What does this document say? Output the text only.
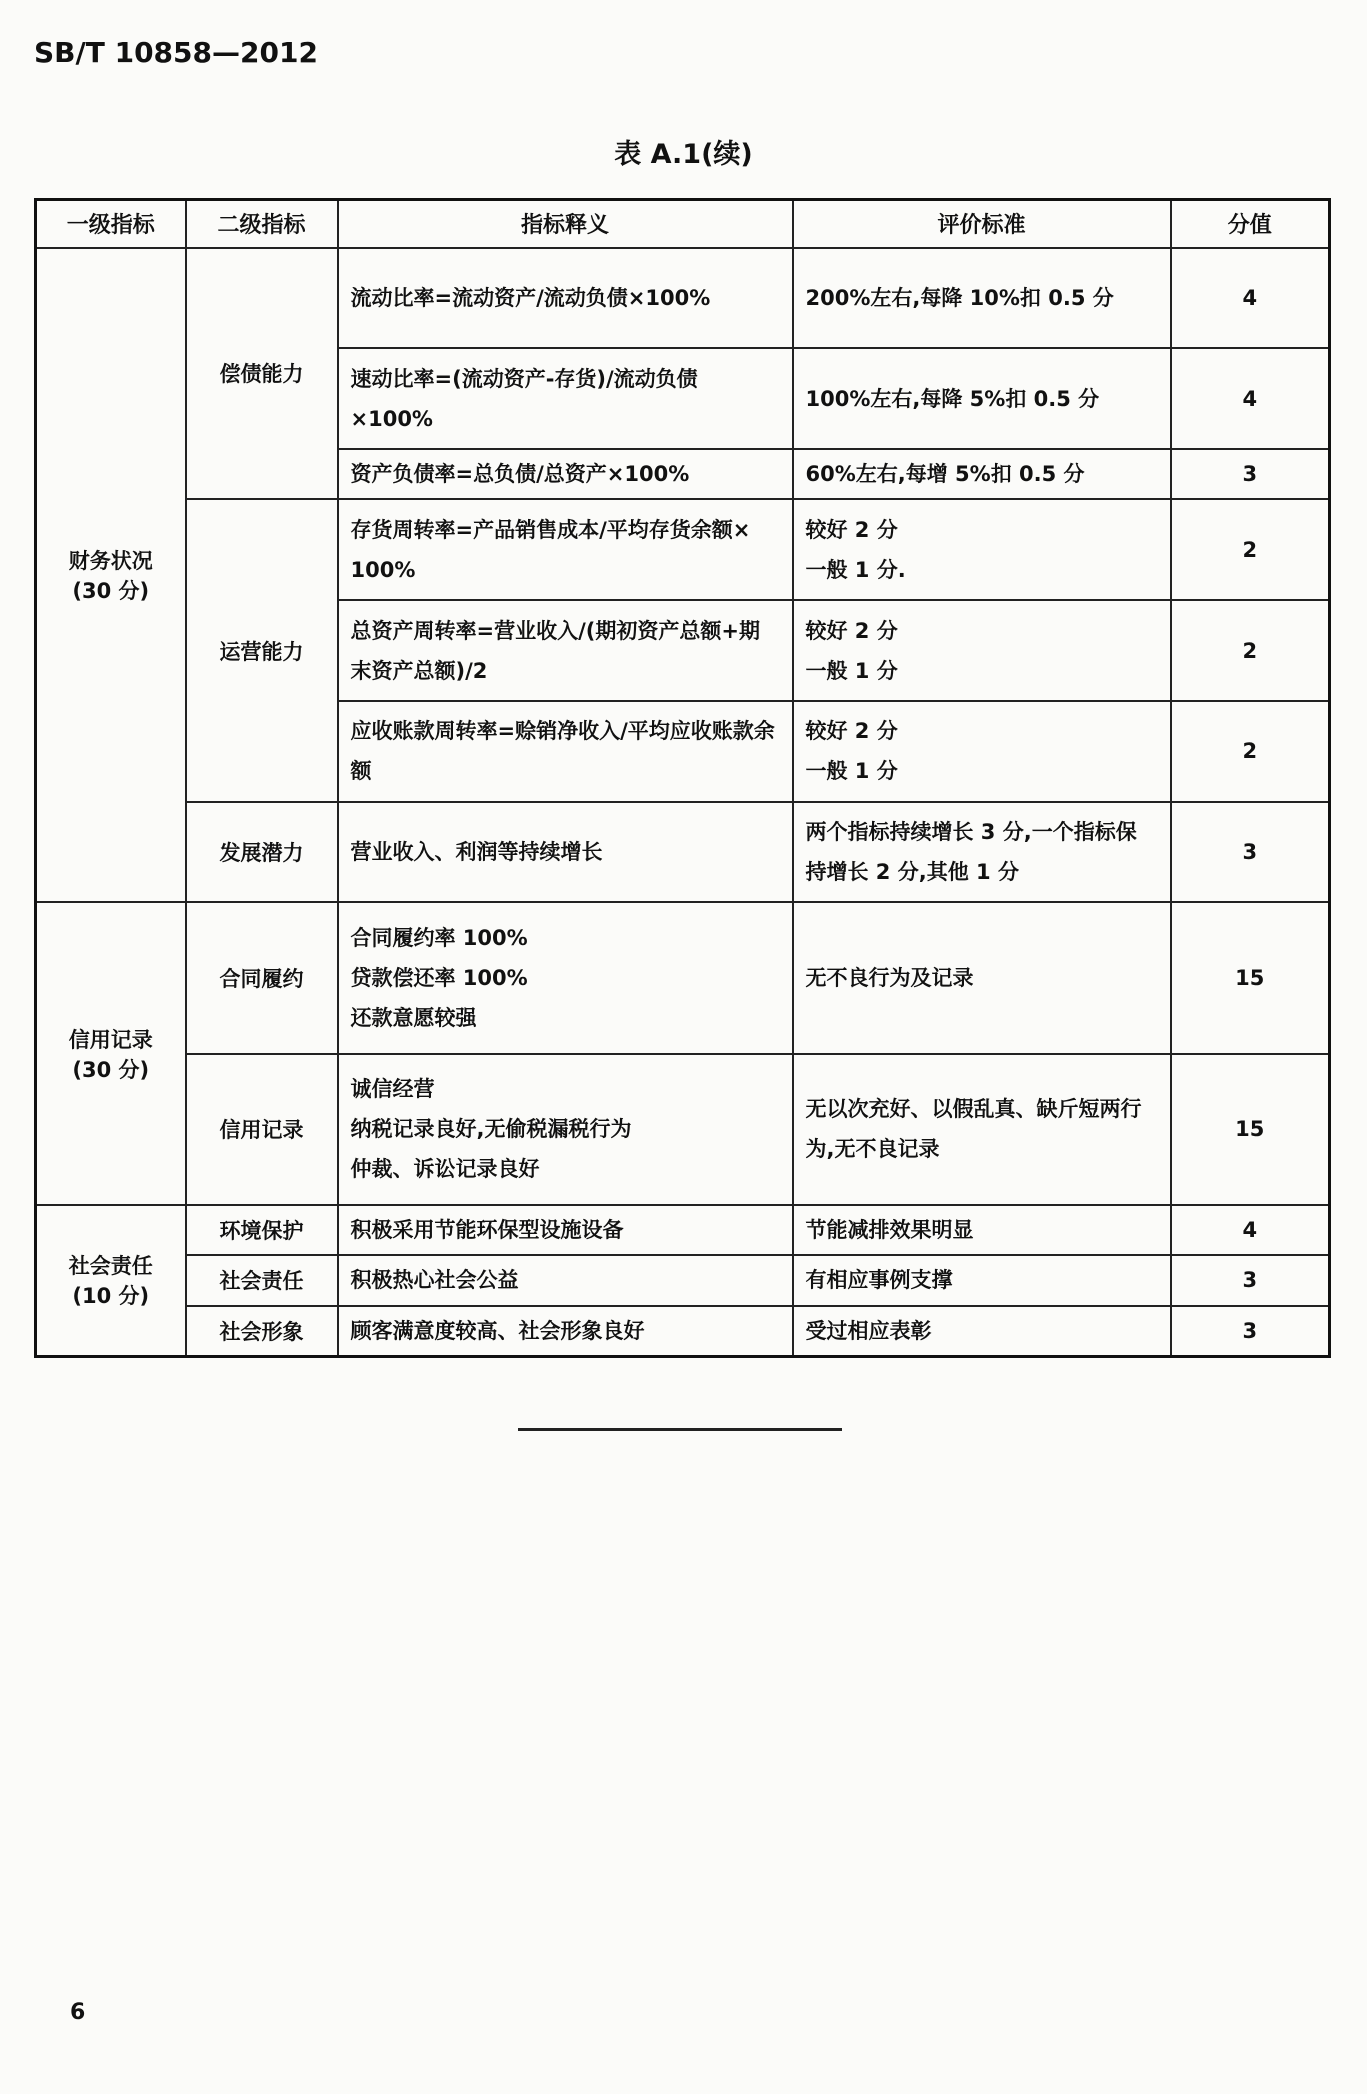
SB/T 10858—2012
表 A.1(续)
一级指标	二级指标	指标释义	评价标准	分值

财务状况
(30 分)	偿债能力	流动比率=流动资产/流动负债×100%	200%左右,每降 10%扣 0.5 分	4
		速动比率=(流动资产-存货)/流动负债×100%	100%左右,每降 5%扣 0.5 分	4
		资产负债率=总负债/总资产×100%	60%左右,每增 5%扣 0.5 分	3
	运营能力	存货周转率=产品销售成本/平均存货余额× 100%	较好 2 分
一般 1 分.	2
		总资产周转率=营业收入/(期初资产总额+期末资产总额)/2	较好 2 分
一般 1 分	2
		应收账款周转率=赊销净收入/平均应收账款余额	较好 2 分
一般 1 分	2
	发展潜力	营业收入、利润等持续增长	两个指标持续增长 3 分,一个指标保持增长 2 分,其他 1 分	3

信用记录
(30 分)	合同履约	合同履约率 100%
贷款偿还率 100%
还款意愿较强	无不良行为及记录	15
	信用记录	诚信经营
纳税记录良好,无偷税漏税行为
仲裁、诉讼记录良好	无以次充好、以假乱真、缺斤短两行为,无不良记录	15

社会责任
(10 分)	环境保护	积极采用节能环保型设施设备	节能减排效果明显	4
	社会责任	积极热心社会公益	有相应事例支撑	3
	社会形象	顾客满意度较高、社会形象良好	受过相应表彰	3
6
